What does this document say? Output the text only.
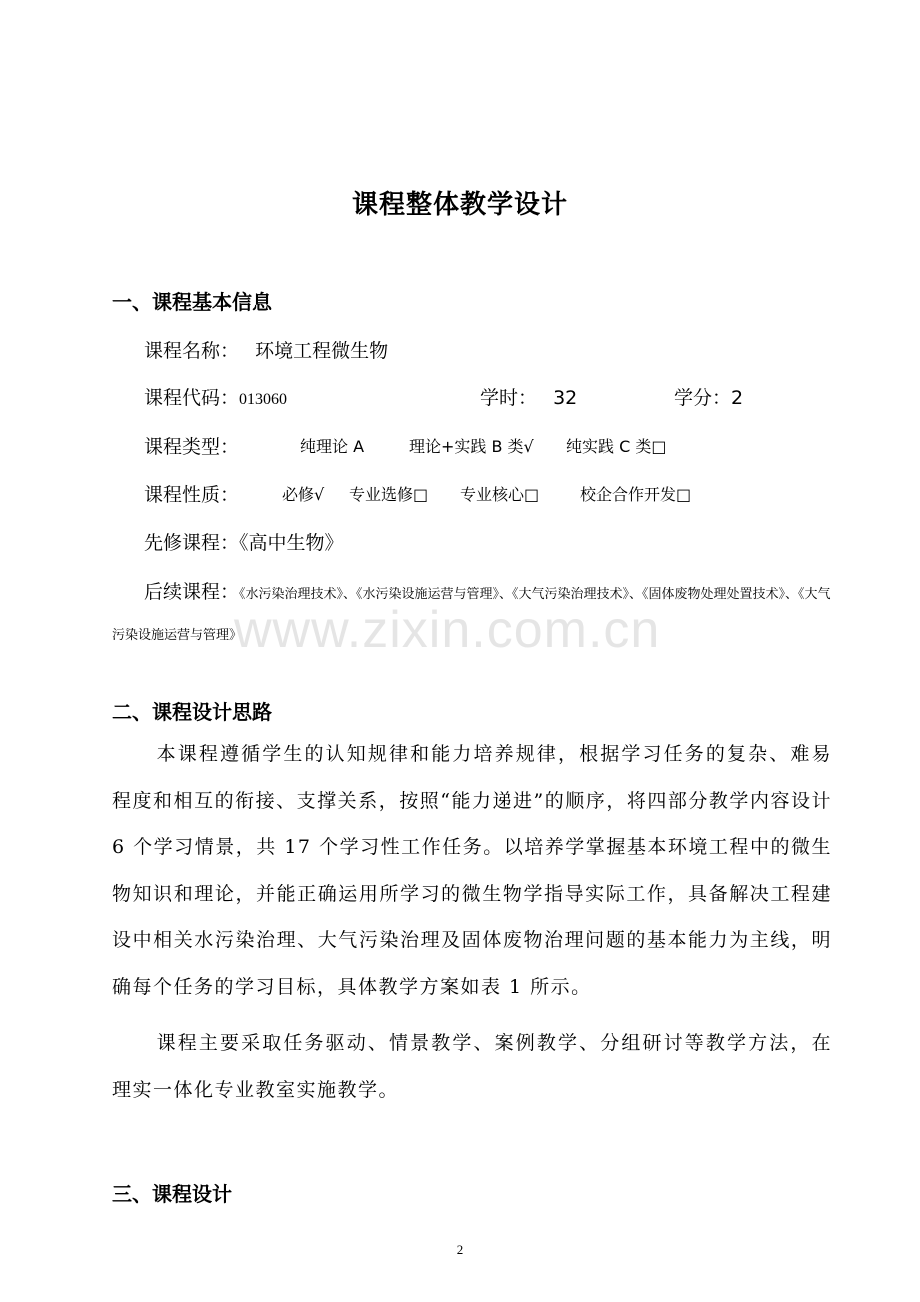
课程整体教学设计
一、课程基本信息
课程名称： 环境工程微生物
课程代码：013060	学时： 32	学分：2
课程类型：	纯理论 A	理论+实践 B 类√ 纯实践 C 类□
课程性质：	必修√ 专业选修□ 专业核心□	校企合作开发□
先修课程：《高中生物》
后续课程：《水污染治理技术》、《水污染设施运营与管理》、《大气污染治理技术》、《固体废物处理处置技术》、《大气污染设施运营与管理》
www.zixin.com.cn
二、课程设计思路
本课程遵循学生的认知规律和能力培养规律，根据学习任务的复杂、难易程度和相互的衔接、支撑关系，按照“能力递进”的顺序，将四部分教学内容设计 6 个学习情景，共 17 个学习性工作任务。以培养学掌握基本环境工程中的微生物知识和理论，并能正确运用所学习的微生物学指导实际工作，具备解决工程建设中相关水污染治理、大气污染治理及固体废物治理问题的基本能力为主线，明确每个任务的学习目标，具体教学方案如表 1 所示。
课程主要采取任务驱动、情景教学、案例教学、分组研讨等教学方法，在理实一体化专业教室实施教学。
三、课程设计
2
